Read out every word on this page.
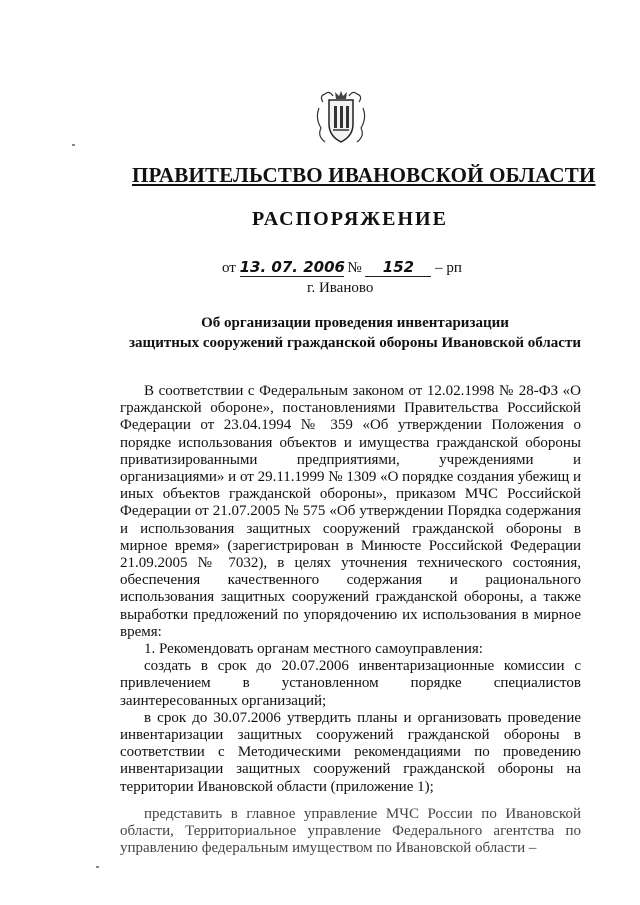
ПРАВИТЕЛЬСТВО ИВАНОВСКОЙ ОБЛАСТИ
РАСПОРЯЖЕНИЕ
от 13. 07. 2006 № 152 – рп
г. Иваново
Об организации проведения инвентаризации
защитных сооружений гражданской обороны Ивановской области

В соответствии с Федеральным законом от 12.02.1998 № 28-ФЗ «О гражданской обороне», постановлениями Правительства Российской Федерации от 23.04.1994 № 359 «Об утверждении Положения о порядке использования объектов и имущества гражданской обороны приватизированными предприятиями, учреждениями и организациями» и от 29.11.1999 № 1309 «О порядке создания убежищ и иных объектов гражданской обороны», приказом МЧС Российской Федерации от 21.07.2005 № 575 «Об утверждении Порядка содержания и использования защитных сооружений гражданской обороны в мирное время» (зарегистрирован в Минюсте Российской Федерации 21.09.2005 № 7032), в целях уточнения технического состояния, обеспечения качественного содержания и рационального использования защитных сооружений гражданской обороны, а также выработки предложений по упорядочению их использования в мирное время:

1. Рекомендовать органам местного самоуправления:

создать в срок до 20.07.2006 инвентаризационные комиссии с привлечением в установленном порядке специалистов заинтересованных организаций;

в срок до 30.07.2006 утвердить планы и организовать проведение инвентаризации защитных сооружений гражданской обороны в соответствии с Методическими рекомендациями по проведению инвентаризации защитных сооружений гражданской обороны на территории Ивановской области (приложение 1);

представить в главное управление МЧС России по Ивановской области, Территориальное управление Федерального агентства по управлению федеральным имуществом по Ивановской области –
